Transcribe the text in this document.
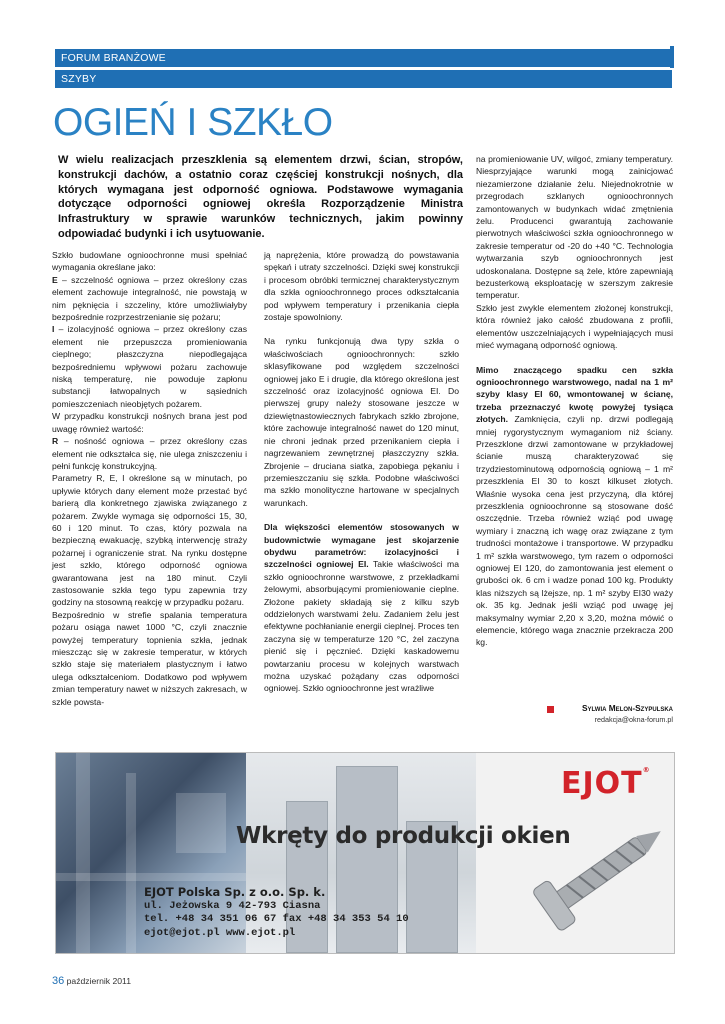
FORUM BRANŻOWE
SZYBY
OGIEŃ I SZKŁO
W wielu realizacjach przeszklenia są elementem drzwi, ścian, stropów, konstrukcji dachów, a ostatnio coraz częściej konstrukcji nośnych, dla których wymagana jest odporność ogniowa. Podstawowe wymagania dotyczące odporności ogniowej określa Rozporządzenie Ministra Infrastruktury w sprawie warunków technicznych, jakim powinny odpowiadać budynki i ich usytuowanie.

Szkło budowlane ognioochronne musi spełniać wymagania określane jako:

E – szczelność ogniowa – przez określony czas element zachowuje integralność, nie powstają w nim pęknięcia i szczeliny, które umożliwiałyby bezpośrednie rozprzestrzenianie się pożaru;

I – izolacyjność ogniowa – przez określony czas element nie przepuszcza promieniowania cieplnego; płaszczyzna niepodlegająca bezpośredniemu wpływowi pożaru zachowuje niską temperaturę, nie powoduje zapłonu substancji łatwopalnych w sąsiednich pomieszczeniach nieobjętych pożarem.

W przypadku konstrukcji nośnych brana jest pod uwagę również wartość:

R – nośność ogniowa – przez określony czas element nie odkształca się, nie ulega zniszczeniu i pełni funkcję konstrukcyjną.

Parametry R, E, I określone są w minutach, po upływie których dany element może przestać być barierą dla konkretnego zjawiska związanego z pożarem. Zwykle wymaga się odporności 15, 30, 60 i 120 minut. To czas, który pozwala na bezpieczną ewakuację, szybką interwencję straży pożarnej i ograniczenie strat. Na rynku dostępne jest szkło, którego odporność ogniowa gwarantowana jest na 180 minut. Czyli zastosowanie szkła tego typu zapewnia trzy godziny na stosowną reakcję w przypadku pożaru.

Bezpośrednio w strefie spalania temperatura pożaru osiąga nawet 1000 °C, czyli znacznie powyżej temperatury topnienia szkła, jednak mieszcząc się w zakresie temperatur, w których szkło staje się materiałem plastycznym i łatwo ulega odkształceniom. Dodatkowo pod wpływem zmian temperatury nawet w niższych zakresach, w szkle powsta-

ją naprężenia, które prowadzą do powstawania spękań i utraty szczelności. Dzięki swej konstrukcji i procesom obróbki termicznej charakterystycznym dla szkła ognioochronnego proces odkształcania pod wpływem temperatury i przenikania ciepła zostaje spowolniony.

Na rynku funkcjonują dwa typy szkła o właściwościach ognioochronnych: szkło sklasyfikowane pod względem szczelności ogniowej jako E i drugie, dla którego określona jest szczelność oraz izolacyjność ogniowa EI. Do pierwszej grupy należy stosowane jeszcze w dziewiętnastowiecznych fabrykach szkło zbrojone, które zachowuje integralność nawet do 120 minut, nie chroni jednak przed przenikaniem ciepła i nagrzewaniem zewnętrznej płaszczyzny szkła. Zbrojenie – druciana siatka, zapobiega pękaniu i przemieszczaniu się szkła. Podobne właściwości ma szkło monolityczne hartowane w specjalnych warunkach.

Dla większości elementów stosowanych w budownictwie wymagane jest skojarzenie obydwu parametrów: izolacyjności i szczelności ogniowej EI. Takie właściwości ma szkło ognioochronne warstwowe, z przekładkami żelowymi, absorbującymi promieniowanie cieplne. Złożone pakiety składają się z kilku szyb oddzielonych warstwami żelu. Zadaniem żelu jest efektywne pochłanianie energii cieplnej. Proces ten zaczyna się w temperaturze 120 °C, żel zaczyna pienić się i pęcznieć. Dzięki kaskadowemu powtarzaniu procesu w kolejnych warstwach można uzyskać pożądany czas odporności ogniowej. Szkło ognioochronne jest wrażliwe

na promieniowanie UV, wilgoć, zmiany temperatury. Niesprzyjające warunki mogą zainicjować niezamierzone działanie żelu. Niejednokrotnie w przegrodach szklanych ognioochronnych zamontowanych w budynkach widać zmętnienia żelu. Producenci gwarantują zachowanie pierwotnych właściwości szkła ognioochronnego w zakresie temperatur od -20 do +40 °C. Technologia wytwarzania szyb ognioochronnych jest udoskonalana. Dostępne są żele, które zapewniają bezusterkową eksploatację w szerszym zakresie temperatur.

Szkło jest zwykle elementem złożonej konstrukcji, która również jako całość zbudowana z profili, elementów uszczelniających i wypełniających musi mieć wymaganą odporność ogniową.

Mimo znaczącego spadku cen szkła ognioochronnego warstwowego, nadal na 1 m² szyby klasy EI 60, wmontowanej w ścianę, trzeba przeznaczyć kwotę powyżej tysiąca złotych. Zamknięcia, czyli np. drzwi podlegają mniej rygorystycznym wymaganiom niż ściany. Przeszklone drzwi zamontowane w przykładowej ścianie muszą charakteryzować się trzydziestominutową odpornością ogniową – 1 m² przeszklenia EI 30 to koszt kilkuset złotych. Właśnie wysoka cena jest przyczyną, dla której przeszklenia ognioochronne są stosowane dość oszczędnie. Trzeba również wziąć pod uwagę wymiary i znaczną ich wagę oraz związane z tym trudności montażowe i transportowe. W przypadku 1 m² szkła warstwowego, tym razem o odporności ogniowej EI 120, do zamontowania jest element o grubości ok. 6 cm i wadze ponad 100 kg. Produkty klas niższych są lżejsze, np. 1 m² szyby EI30 waży ok. 35 kg. Jednak jeśli wziąć pod uwagę jej maksymalny wymiar 2,20 x 3,20, można mówić o elemencie, którego waga znacznie przekracza 200 kg.

Sylwia Melon-Szypulska
redakcja@okna-forum.pl
EJOT®
Wkręty do produkcji okien
EJOT Polska Sp. z o.o. Sp. k.
ul. Jeżowska 9 42-793 Ciasna
tel. +48 34 351 06 67 fax +48 34 353 54 10
ejot@ejot.pl www.ejot.pl
36 październik 2011
